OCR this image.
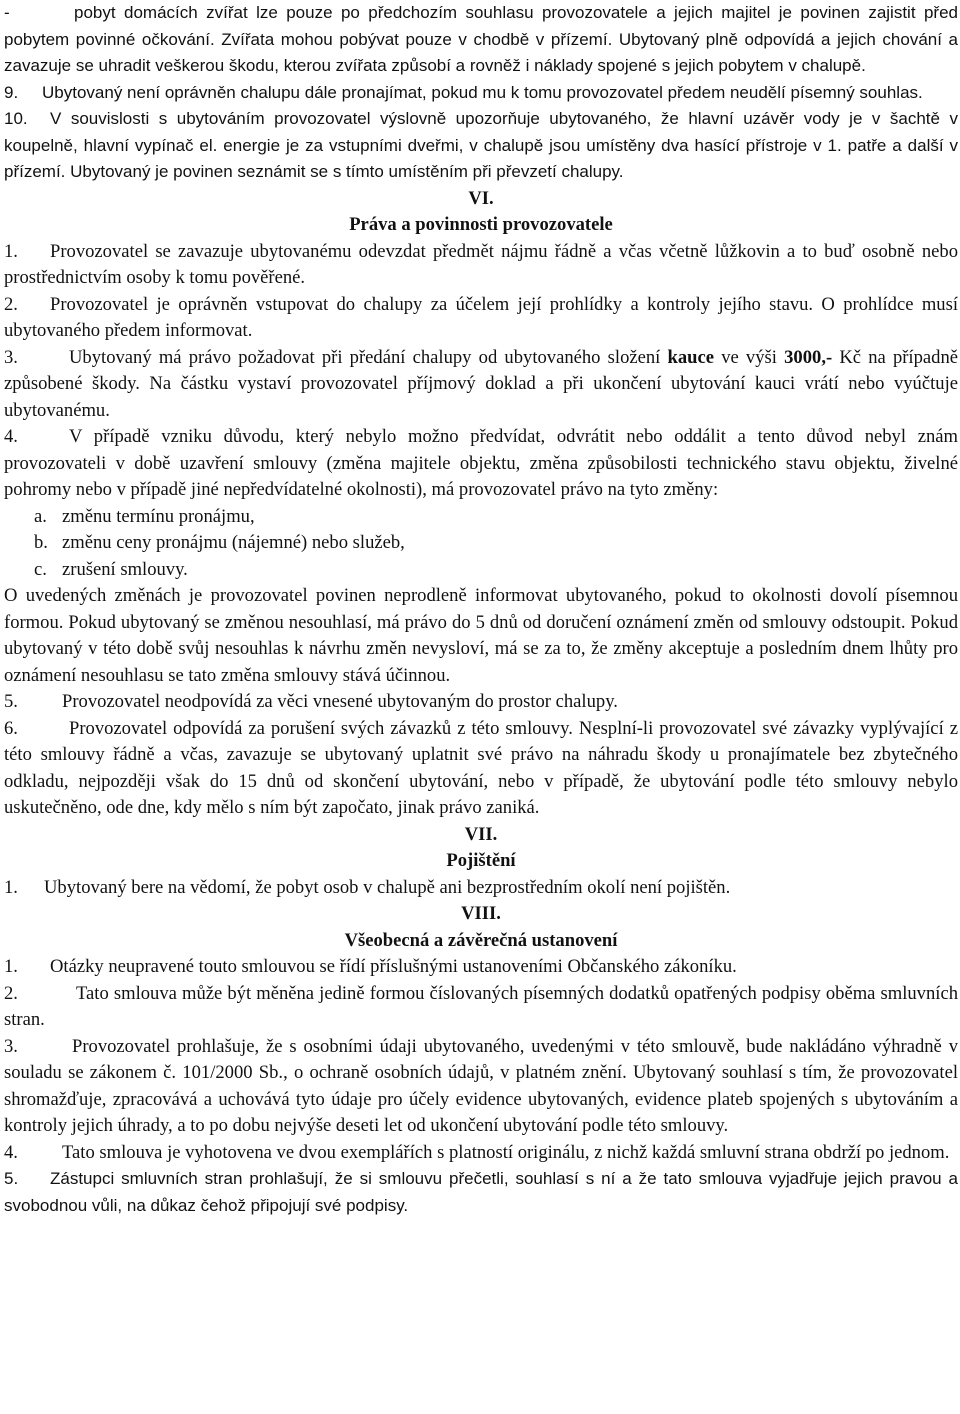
-	pobyt domácích zvířat lze pouze po předchozím souhlasu provozovatele a jejich majitel je povinen zajistit před pobytem povinné očkování. Zvířata mohou pobývat pouze v chodbě v přízemí. Ubytovaný plně odpovídá a jejich chování a zavazuje se uhradit veškerou škodu, kterou zvířata způsobí a rovněž i náklady spojené s jejich pobytem v chalupě.

9. Ubytovaný není oprávněn chalupu dále pronajímat, pokud mu k tomu provozovatel předem neudělí písemný souhlas.

10. V souvislosti s ubytováním provozovatel výslovně upozorňuje ubytovaného, že hlavní uzávěr vody je v šachtě v koupelně, hlavní vypínač el. energie je za vstupními dveřmi, v chalupě jsou umístěny dva hasící přístroje v 1. patře a další v přízemí. Ubytovaný je povinen seznámit se s tímto umístěním při převzetí chalupy.

VI.

Práva a povinnosti provozovatele

1. Provozovatel se zavazuje ubytovanému odevzdat předmět nájmu řádně a včas včetně lůžkovin a to buď osobně nebo prostřednictvím osoby k tomu pověřené.

2. Provozovatel je oprávněn vstupovat do chalupy za účelem její prohlídky a kontroly jejího stavu. O prohlídce musí ubytovaného předem informovat.

3.	Ubytovaný má právo požadovat při předání chalupy od ubytovaného složení kauce ve výši 3000,- Kč na případně způsobené škody. Na částku vystaví provozovatel příjmový doklad a při ukončení ubytování kauci vrátí nebo vyúčtuje ubytovanému.

4.	V případě vzniku důvodu, který nebylo možno předvídat, odvrátit nebo oddálit a tento důvod nebyl znám provozovateli v době uzavření smlouvy (změna majitele objektu, změna způsobilosti technického stavu objektu, živelné pohromy nebo v případě jiné nepředvídatelné okolnosti), má provozovatel právo na tyto změny:

a. změnu termínu pronájmu,

b. změnu ceny pronájmu (nájemné) nebo služeb,

c. zrušení smlouvy.

O uvedených změnách je provozovatel povinen neprodleně informovat ubytovaného, pokud to okolnosti dovolí písemnou formou. Pokud ubytovaný se změnou nesouhlasí, má právo do 5 dnů od doručení oznámení změn od smlouvy odstoupit. Pokud ubytovaný v této době svůj nesouhlas k návrhu změn nevysloví, má se za to, že změny akceptuje a posledním dnem lhůty pro oznámení nesouhlasu se tato změna smlouvy stává účinnou.

5. Provozovatel neodpovídá za věci vnesené ubytovaným do prostor chalupy.

6.	Provozovatel odpovídá za porušení svých závazků z této smlouvy. Nesplní-li provozovatel své závazky vyplývající z této smlouvy řádně a včas, zavazuje se ubytovaný uplatnit své právo na náhradu škody u pronajímatele bez zbytečného odkladu, nejpozději však do 15 dnů od skončení ubytování, nebo v případě, že ubytování podle této smlouvy nebylo uskutečněno, ode dne, kdy mělo s ním být započato, jinak právo zaniká.

VII.

Pojištění

1. Ubytovaný bere na vědomí, že pobyt osob v chalupě ani bezprostředním okolí není pojištěn.

VIII.

Všeobecná a závěrečná ustanovení

1. Otázky neupravené touto smlouvou se řídí příslušnými ustanoveními Občanského zákoníku.

2.	Tato smlouva může být měněna jedině formou číslovaných písemných dodatků opatřených podpisy oběma smluvních stran.

3.	Provozovatel prohlašuje, že s osobními údaji ubytovaného, uvedenými v této smlouvě, bude nakládáno výhradně v souladu se zákonem č. 101/2000 Sb., o ochraně osobních údajů, v platném znění. Ubytovaný souhlasí s tím, že provozovatel shromažďuje, zpracovává a uchovává tyto údaje pro účely evidence ubytovaných, evidence plateb spojených s ubytováním a kontroly jejich úhrady, a to po dobu nejvýše deseti let od ukončení ubytování podle této smlouvy.

4. Tato smlouva je vyhotovena ve dvou exemplářích s platností originálu, z nichž každá smluvní strana obdrží po jednom.

5. Zástupci smluvních stran prohlašují, že si smlouvu přečetli, souhlasí s ní a že tato smlouva vyjadřuje jejich pravou a svobodnou vůli, na důkaz čehož připojují své podpisy.
